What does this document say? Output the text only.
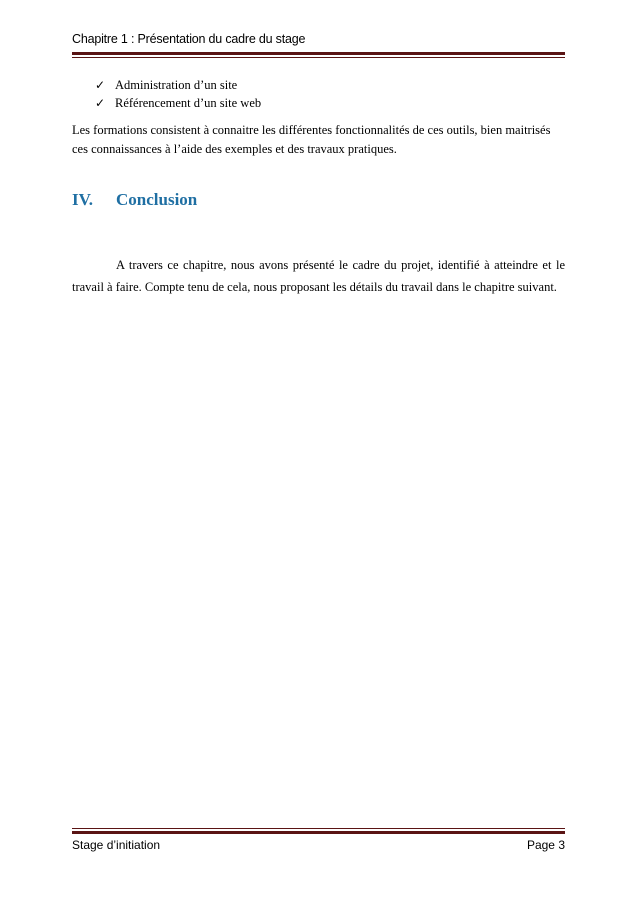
Chapitre 1 : Présentation du cadre du stage
✓ Administration d’un site
✓ Référencement d’un site web

Les formations consistent à connaitre les différentes fonctionnalités de ces outils, bien maitrisés ces connaissances à l’aide des exemples et des travaux pratiques.

IV.	Conclusion

A travers ce chapitre, nous avons présenté le cadre du projet, identifié à atteindre et le travail à faire. Compte tenu de cela, nous proposant les détails du travail dans le chapitre suivant.

Stage d’initiation	Page 3
